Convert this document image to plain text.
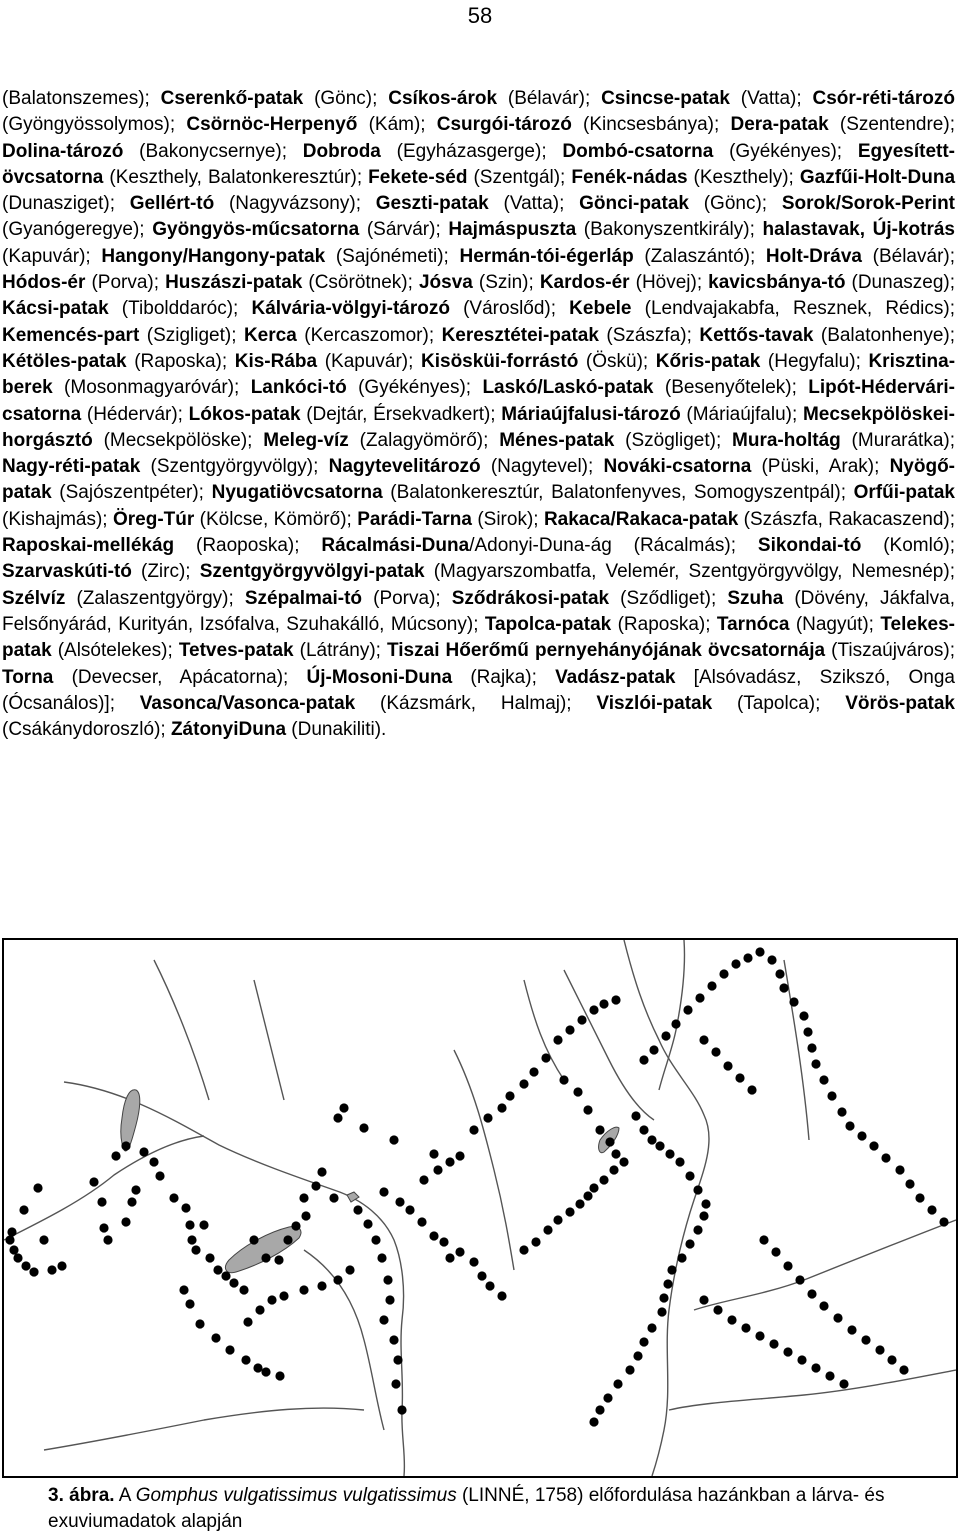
58
(Balatonszemes); Cserenkő-patak (Gönc); Csíkos-árok (Bélavár); Csincse-patak (Vatta); Csór-réti-tározó (Gyöngyössolymos); Csörnöc-Herpenyő (Kám); Csurgói-tározó (Kincsesbánya); Dera-patak (Szentendre); Dolina-tározó (Bakonycsernye); Dobroda (Egyházasgerge); Dombó-csatorna (Gyékényes); Egyesített-övcsatorna (Keszthely, Balatonkeresztúr); Fekete-séd (Szentgál); Fenék-nádas (Keszthely); Gazfűi-Holt-Duna (Dunasziget); Gellért-tó (Nagyvázsony); Geszti-patak (Vatta); Gönci-patak (Gönc); Sorok/Sorok-Perint (Gyanógeregye); Gyöngyös-műcsatorna (Sárvár); Hajmáspuszta (Bakonyszentkirály); halastavak, Új-kotrás (Kapuvár); Hangony/Hangony-patak (Sajónémeti); Hermán-tói-égerláp (Zalaszántó); Holt-Dráva (Bélavár); Hódos-ér (Porva); Huszászi-patak (Csörötnek); Jósva (Szin); Kardos-ér (Hövej); kavicsbánya-tó (Dunaszeg); Kácsi-patak (Tibolddaróc); Kálvária-völgyi-tározó (Városlőd); Kebele (Lendvajakabfa, Resznek, Rédics); Kemencés-part (Szigliget); Kerca (Kercaszomor); Keresztétei-patak (Szászfa); Kettős-tavak (Balatonhenye); Kétöles-patak (Raposka); Kis-Rába (Kapuvár); Kisösküi-forrástó (Öskü); Kőris-patak (Hegyfalu); Krisztina-berek (Mosonmagyaróvár); Lankóci-tó (Gyékényes); Laskó/Laskó-patak (Besenyőtelek); Lipót-Hédervári-csatorna (Hédervár); Lókos-patak (Dejtár, Érsekvadkert); Máriaújfalusi-tározó (Máriaújfalu); Mecsekpölöskei-horgásztó (Mecsekpölöske); Meleg-víz (Zalagyömörő); Ménes-patak (Szögliget); Mura-holtág (Murarátka); Nagy-réti-patak (Szentgyörgyvölgy); Nagytevelitározó (Nagytevel); Nováki-csatorna (Püski, Arak); Nyögő-patak (Sajószentpéter); Nyugatiövcsatorna (Balatonkeresztúr, Balatonfenyves, Somogyszentpál); Orfűi-patak (Kishajmás); Öreg-Túr (Kölcse, Kömörő); Parádi-Tarna (Sirok); Rakaca/Rakaca-patak (Szászfa, Rakacaszend); Raposkai-mellékág (Raoposka); Rácalmási-Duna/Adonyi-Duna-ág (Rácalmás); Sikondai-tó (Komló); Szarvaskúti-tó (Zirc); Szentgyörgyvölgyi-patak (Magyarszombatfa, Velemér, Szentgyörgyvölgy, Nemesnép); Szélvíz (Zalaszentgyörgy); Szépalmai-tó (Porva); Sződrákosi-patak (Sződliget); Szuha (Dövény, Jákfalva, Felsőnyárád, Kurityán, Izsófalva, Szuhakálló, Múcsony); Tapolca-patak (Raposka); Tarnóca (Nagyút); Telekes-patak (Alsótelekes); Tetves-patak (Látrány); Tiszai Hőerőmű pernyehányójának övcsatornája (Tiszaújváros); Torna (Devecser, Apácatorna); Új-Mosoni-Duna (Rajka); Vadász-patak [Alsóvadász, Szikszó, Onga (Ócsanálos)]; Vasonca/Vasonca-patak (Kázsmárk, Halmaj); Viszlói-patak (Tapolca); Vörös-patak (Csákánydoroszló); ZátonyiDuna (Dunakiliti).
3. ábra. A Gomphus vulgatissimus vulgatissimus (LINNÉ, 1758) előfordulása hazánkban a lárva- és exuviumadatok alapján
